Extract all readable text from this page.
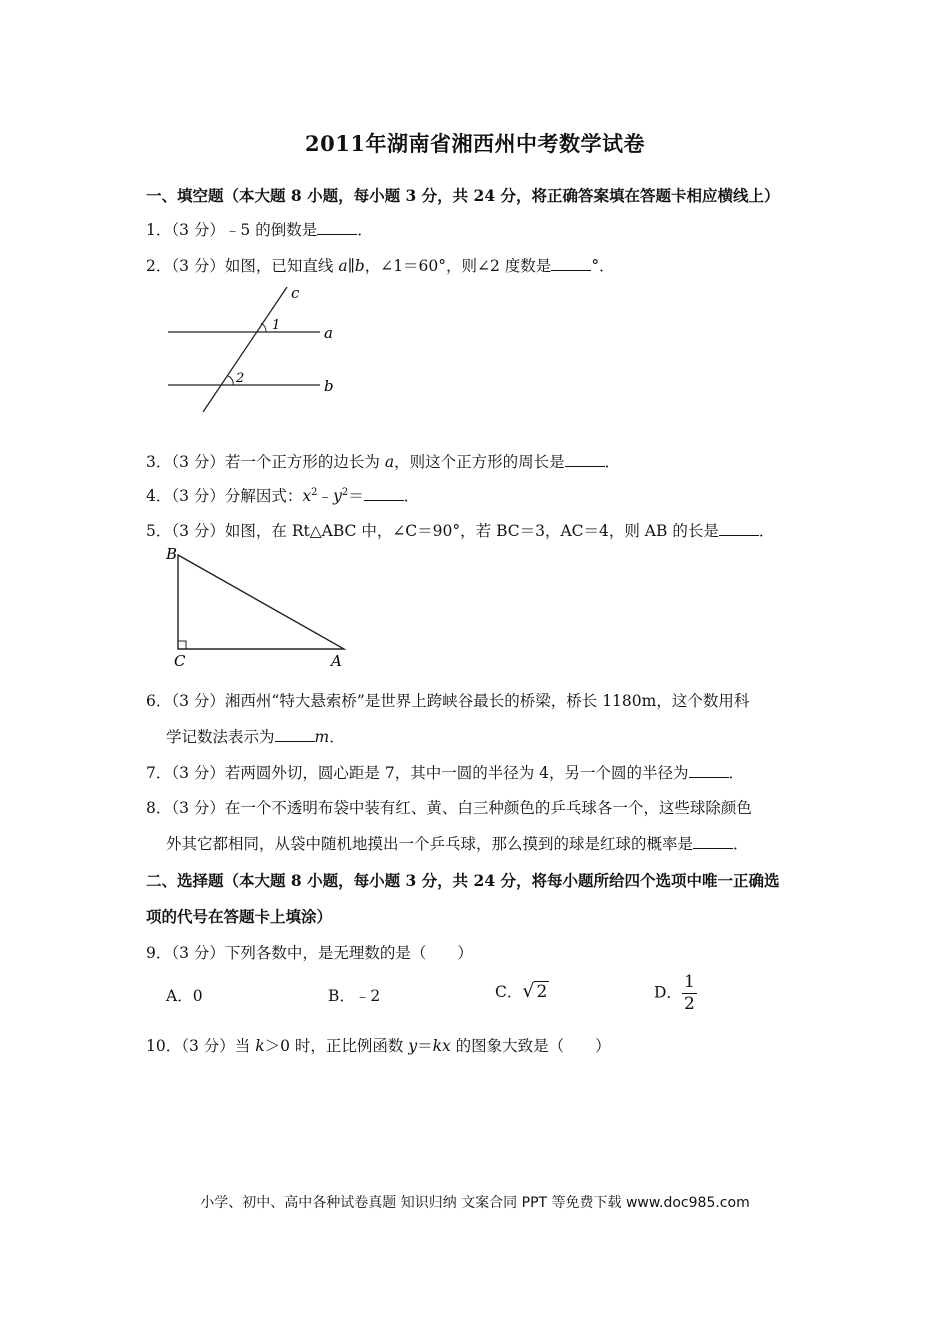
2011年湖南省湘西州中考数学试卷
一、填空题（本大题 8 小题，每小题 3 分，共 24 分，将正确答案填在答题卡相应横线上）
1．（3 分）﹣5 的倒数是	．
2．（3 分）如图，已知直线 a∥b，∠1＝60°，则∠2 度数是	°．
c
a
b
1
2
3．（3 分）若一个正方形的边长为 a，则这个正方形的周长是	．
4．（3 分）分解因式：$x^2﹣y^2=$	．
5．（3 分）如图，在 Rt△ABC 中，∠C＝90°，若 BC＝3，AC＝4，则 AB 的长是	．
B
C	A
6．（3 分）湘西州“特大悬索桥”是世界上跨峡谷最长的桥梁，桥长 1180m，这个数用科
学记数法表示为	m．
7．（3 分）若两圆外切，圆心距是 7，其中一圆的半径为 4，另一个圆的半径为	．
8．（3 分）在一个不透明布袋中装有红、黄、白三种颜色的乒乓球各一个，这些球除颜色
外其它都相同，从袋中随机地摸出一个乒乓球，那么摸到的球是红球的概率是	．
二、选择题（本大题 8 小题，每小题 3 分，共 24 分，将每小题所给四个选项中唯一正确选
项的代号在答题卡上填涂）
9．（3 分）下列各数中，是无理数的是（　　）
A．0	B．﹣2	C．√ 2	D． $\frac{1}{2}$
10．（3 分）当 k＞0 时，正比例函数 y＝kx 的图象大致是（　　）
小学、初中、高中各种试卷真题 知识归纳 文案合同 PPT 等免费下载 www.doc985.com
